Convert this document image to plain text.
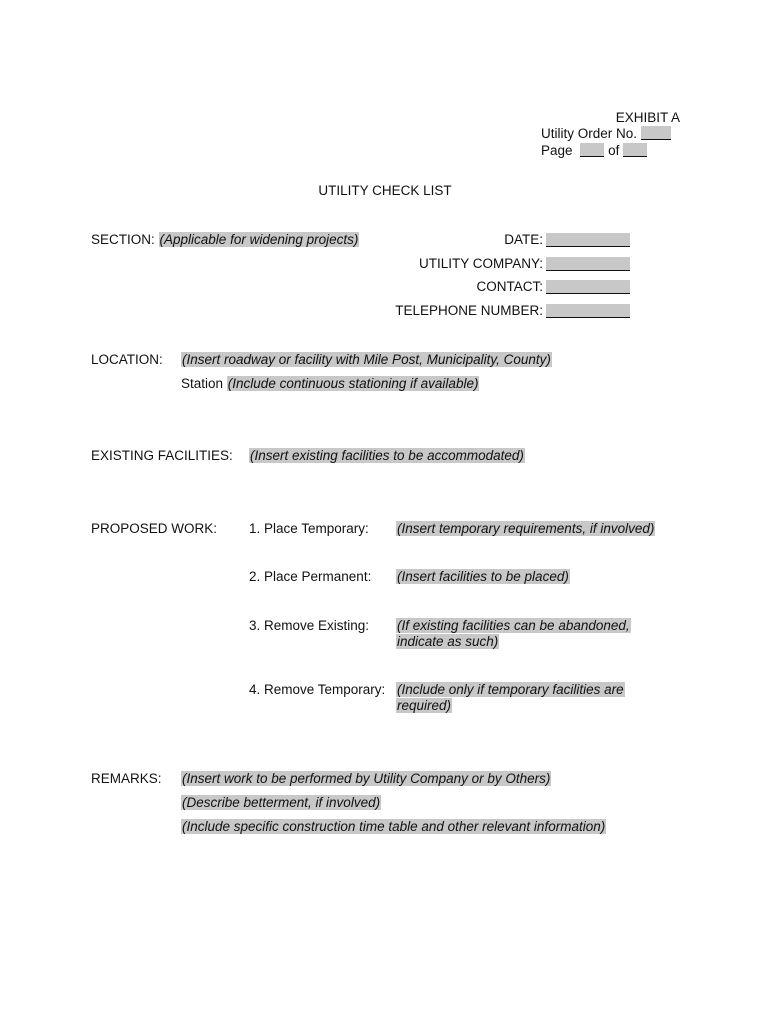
EXHIBIT A
Utility Order No.
Page	of
UTILITY CHECK LIST
SECTION: (Applicable for widening projects)	DATE:
UTILITY COMPANY:
CONTACT:
TELEPHONE NUMBER:
LOCATION: (Insert roadway or facility with Mile Post, Municipality, County)
Station (Include continuous stationing if available)
EXISTING FACILITIES: (Insert existing facilities to be accommodated)
PROPOSED WORK: 1. Place Temporary: (Insert temporary requirements, if involved)
2. Place Permanent: (Insert facilities to be placed)
3. Remove Existing: (If existing facilities can be abandoned, indicate as such)
4. Remove Temporary: (Include only if temporary facilities are required)
REMARKS: (Insert work to be performed by Utility Company or by Others)
(Describe betterment, if involved)
(Include specific construction time table and other relevant information)
